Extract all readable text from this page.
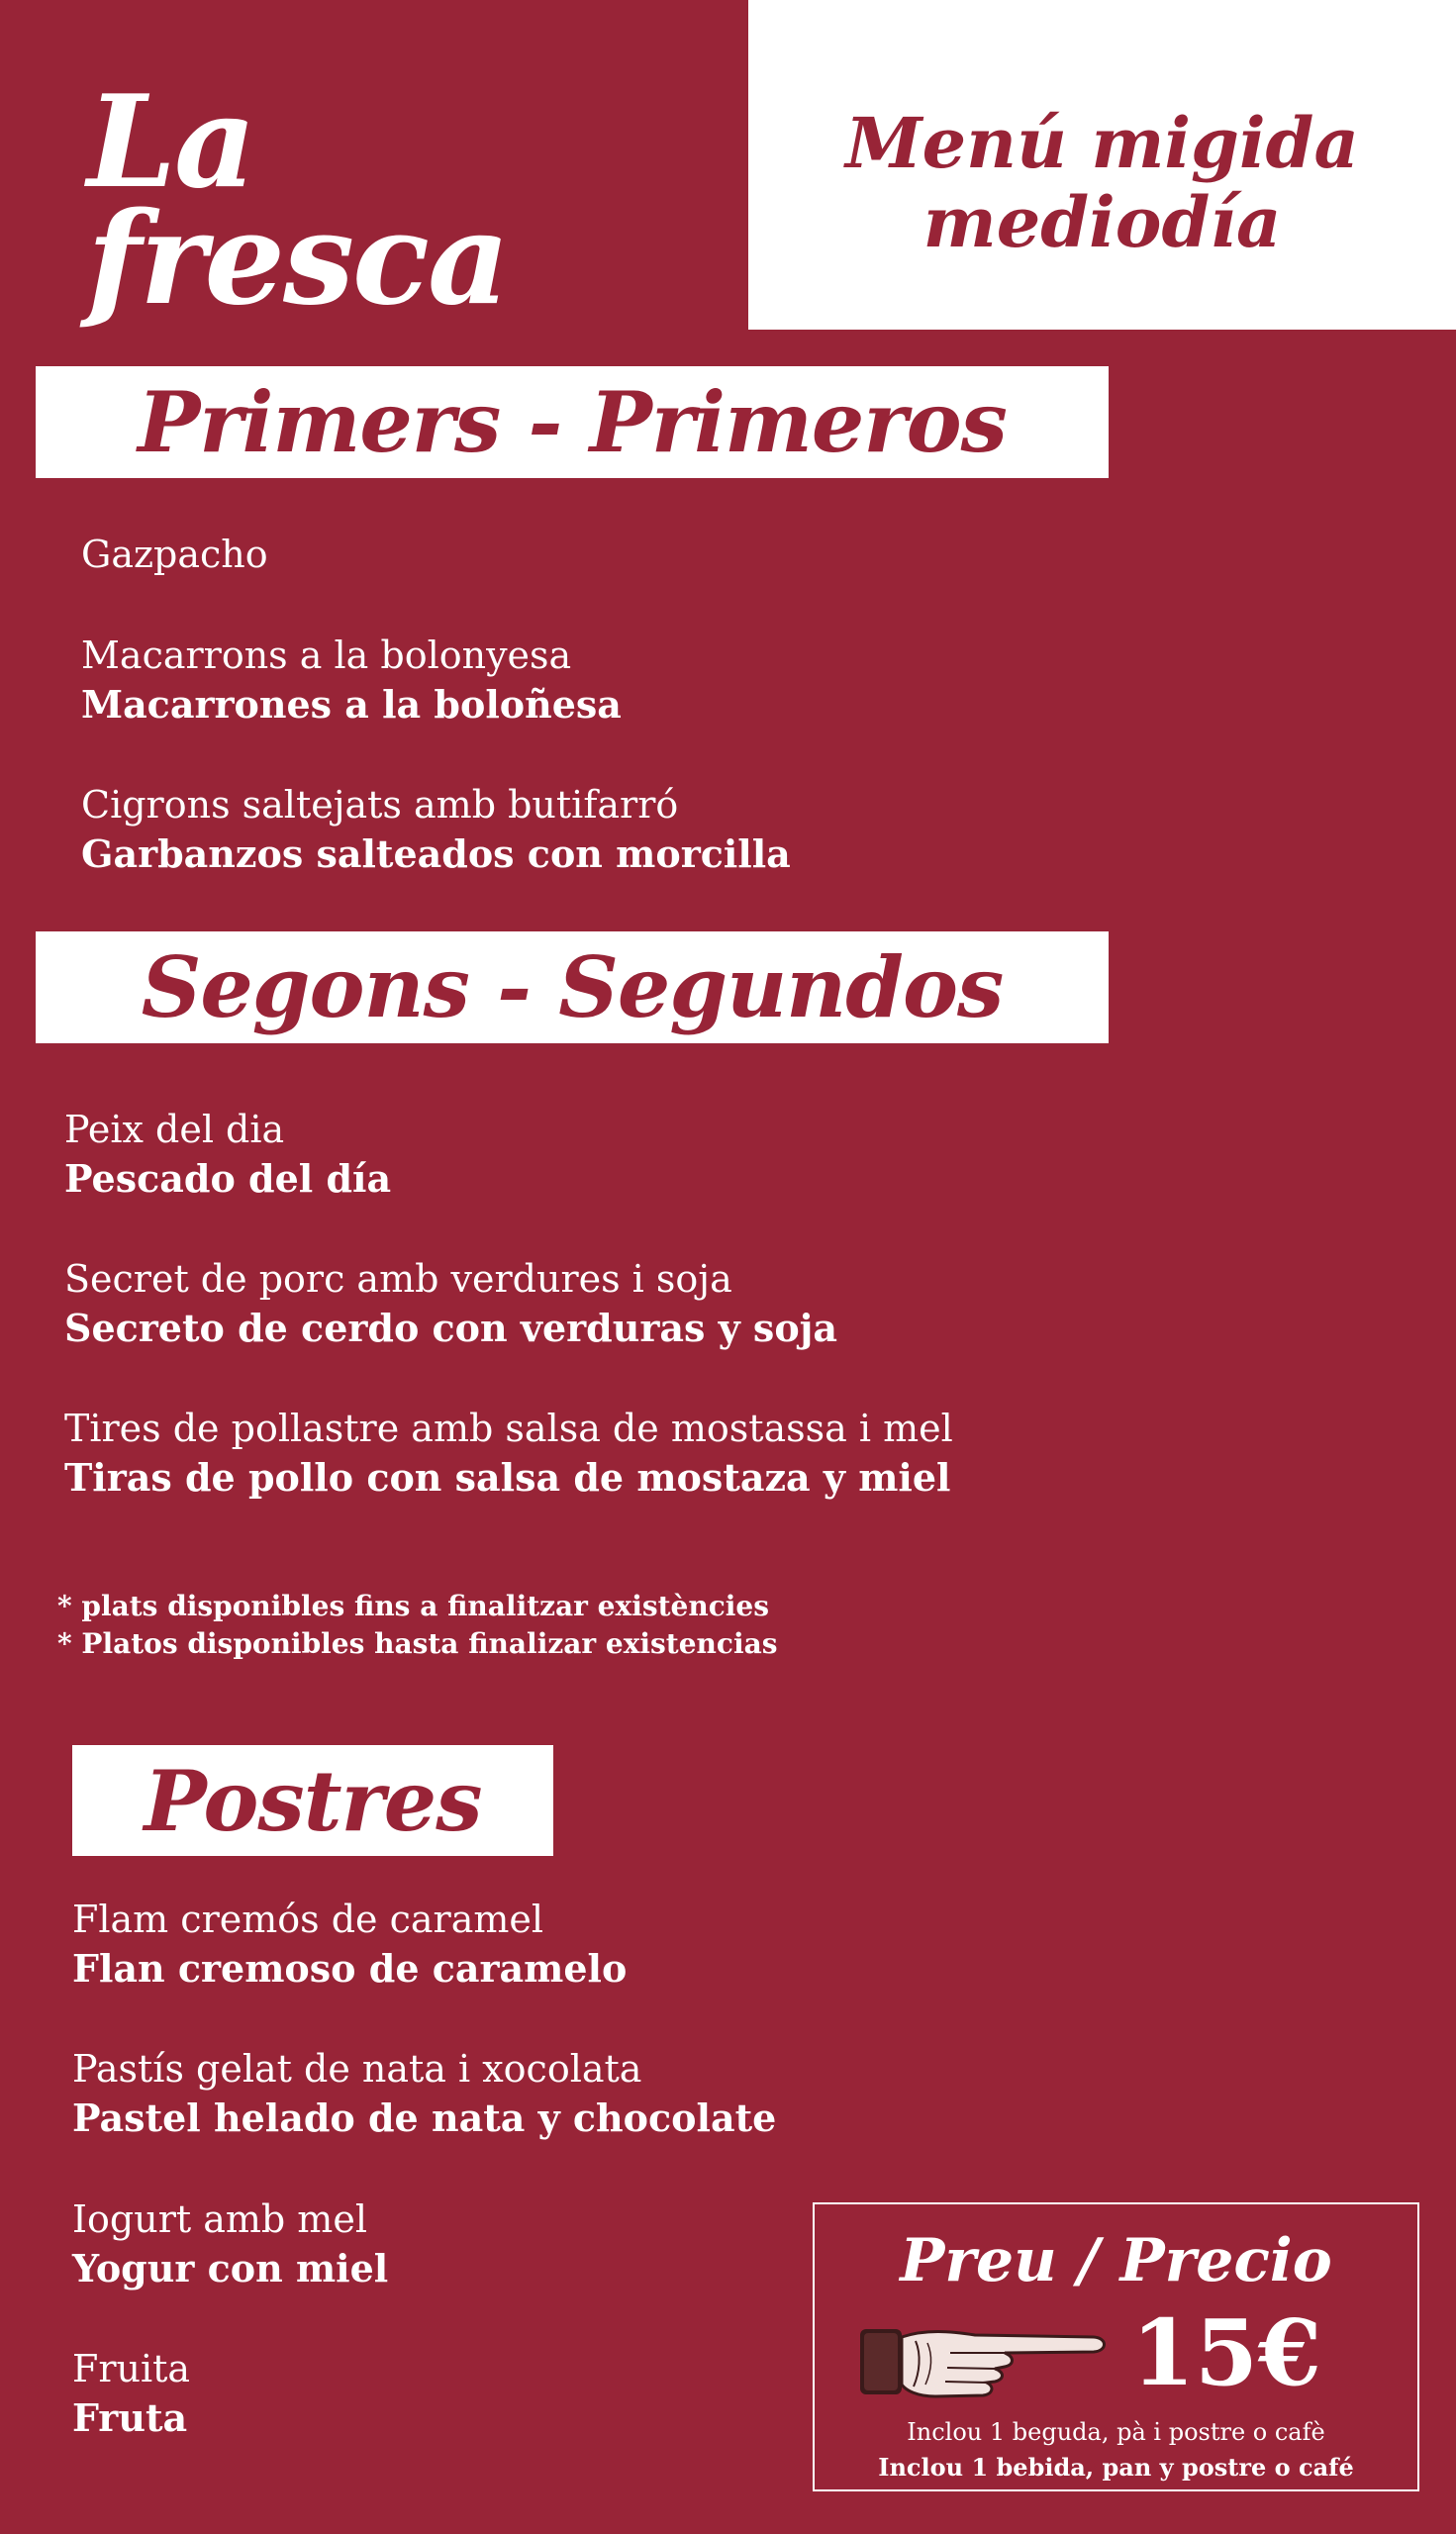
La
fresca
Menú migida
mediodía
Primers - Primeros
Gazpacho
Macarrons a la bolonyesa
Macarrones a la boloñesa
Cigrons saltejats amb butifarró
Garbanzos salteados con morcilla
Segons - Segundos
Peix del dia
Pescado del día
Secret de porc amb verdures i soja
Secreto de cerdo con verduras y soja
Tires de pollastre amb salsa de mostassa i mel
Tiras de pollo con salsa de mostaza y miel
* plats disponibles fins a finalitzar existències
* Platos disponibles hasta finalizar existencias
Postres
Flam cremós de caramel
Flan cremoso de caramelo
Pastís gelat de nata i xocolata
Pastel helado de nata y chocolate
Iogurt amb mel
Yogur con miel
Fruita
Fruta
Preu / Precio
15€
Inclou 1 beguda, pà i postre o cafè
Inclou 1 bebida, pan y postre o café
